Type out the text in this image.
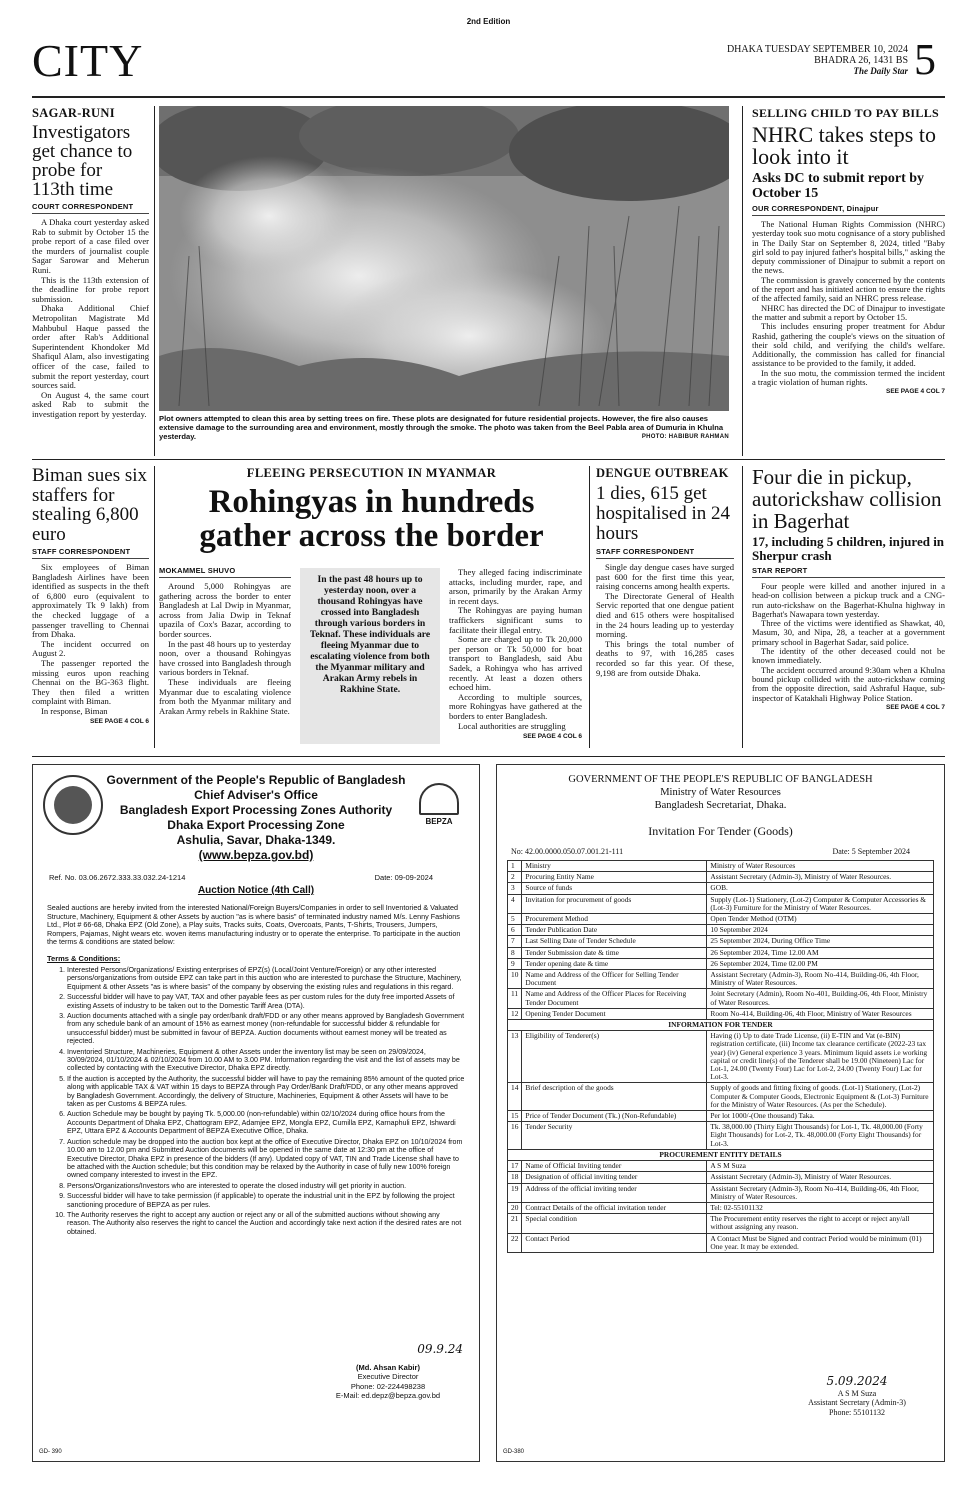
2nd Edition
CITY	DHAKA TUESDAY SEPTEMBER 10, 2024
BHADRA 26, 1431 BS
The Daily Star 5
SAGAR-RUNI
Investigators get chance to probe for 113th time
COURT CORRESPONDENT

A Dhaka court yesterday asked Rab to submit by October 15 the probe report of a case filed over the murders of journalist couple Sagar Sarowar and Meherun Runi.

This is the 113th extension of the deadline for probe report submission.

Dhaka Additional Chief Metropolitan Magistrate Md Mahbubul Haque passed the order after Rab's Additional Superintendent Khondoker Md Shafiqul Alam, also investigating officer of the case, failed to submit the report yesterday, court sources said.

On August 4, the same court asked Rab to submit the investigation report by yesterday.	Plot owners attempted to clean this area by setting trees on fire. These plots are designated for future residential projects. However, the fire also causes extensive damage to the surrounding area and environment, mostly through the smoke. The photo was taken from the Beel Pabla area of Dumuria in Khulna yesterday.	PHOTO: HABIBUR RAHMAN
SELLING CHILD TO PAY BILLS
NHRC takes steps to look into it
Asks DC to submit report by October 15
OUR CORRESPONDENT, Dinajpur

The National Human Rights Commission (NHRC) yesterday took suo motu cognisance of a story published in The Daily Star on September 8, 2024, titled "Baby girl sold to pay injured father's hospital bills," asking the deputy commissioner of Dinajpur to submit a report on the news.

The commission is gravely concerned by the contents of the report and has initiated action to ensure the rights of the affected family, said an NHRC press release.

NHRC has directed the DC of Dinajpur to investigate the matter and submit a report by October 15.

This includes ensuring proper treatment for Abdur Rashid, gathering the couple's views on the situation of their sold child, and verifying the child's welfare. Additionally, the commission has called for financial assistance to be provided to the family, it added.

In the suo motu, the commission termed the incident a tragic violation of human rights.

SEE PAGE 4 COL 7
Biman sues six staffers for stealing 6,800 euro
STAFF CORRESPONDENT

Six employees of Biman Bangladesh Airlines have been identified as suspects in the theft of 6,800 euro (equivalent to approximately Tk 9 lakh) from the checked luggage of a passenger travelling to Chennai from Dhaka.

The incident occurred on August 2.

The passenger reported the missing euros upon reaching Chennai on the BG-363 flight. They then filed a written complaint with Biman.

In response, Biman

SEE PAGE 4 COL 6
FLEEING PERSECUTION IN MYANMAR
Rohingyas in hundreds gather across the border
MOKAMMEL SHUVO

Around 5,000 Rohingyas are gathering across the border to enter Bangladesh at Lal Dwip in Myanmar, across from Jalia Dwip in Teknaf upazila of Cox's Bazar, according to border sources.

In the past 48 hours up to yesterday noon, over a thousand Rohingyas have crossed into Bangladesh through various borders in Teknaf.

These individuals are fleeing Myanmar due to escalating violence from both the Myanmar military and Arakan Army rebels in Rakhine State.

In the past 48 hours up to yesterday noon, over a thousand Rohingyas have crossed into Bangladesh through various borders in Teknaf. These individuals are fleeing Myanmar due to escalating violence from both the Myanmar military and Arakan Army rebels in Rakhine State.

They alleged facing indiscriminate attacks, including murder, rape, and arson, primarily by the Arakan Army in recent days.

The Rohingyas are paying human traffickers significant sums to facilitate their illegal entry.

Some are charged up to Tk 20,000 per person or Tk 50,000 for boat transport to Bangladesh, said Abu Sadek, a Rohingya who has arrived recently. At least a dozen others echoed him.

According to multiple sources, more Rohingyas have gathered at the borders to enter Bangladesh.

Local authorities are struggling

SEE PAGE 4 COL 6
DENGUE OUTBREAK
1 dies, 615 get hospitalised in 24 hours
STAFF CORRESPONDENT

Single day dengue cases have surged past 600 for the first time this year, raising concerns among health experts.

The Directorate General of Health Servic reported that one dengue patient died and 615 others were hospitalised in the 24 hours leading up to yesterday morning.

This brings the total number of deaths to 97, with 16,285 cases recorded so far this year. Of these, 9,198 are from outside Dhaka.

Four die in pickup, autorickshaw collision in Bagerhat
17, including 5 children, injured in Sherpur crash
STAR REPORT

Four people were killed and another injured in a head-on collision between a pickup truck and a CNG-run auto-rickshaw on the Bagerhat-Khulna highway in Bagerhat's Nawapara town yesterday.

Three of the victims were identified as Shawkat, 40, Masum, 30, and Nipa, 28, a teacher at a government primary school in Bagerhat Sadar, said police.

The identity of the other deceased could not be known immediately.

The accident occurred around 9:30am when a Khulna bound pickup collided with the auto-rickshaw coming from the opposite direction, said Ashraful Haque, sub-inspector of Katakhali Highway Police Station.

SEE PAGE 4 COL 7
BEPZA
Government of the People's Republic of Bangladesh
Chief Adviser's Office
Bangladesh Export Processing Zones Authority
Dhaka Export Processing Zone
Ashulia, Savar, Dhaka-1349.
(www.bepza.gov.bd)
Ref. No. 03.06.2672.333.33.032.24-1214	Date: 09-09-2024
Auction Notice (4th Call)
Sealed auctions are hereby invited from the interested National/Foreign Buyers/Companies in order to sell Inventoried & Valuated Structure, Machinery, Equipment & other Assets by auction "as is where basis" of terminated industry named M/s. Lenny Fashions Ltd., Plot # 66-68, Dhaka EPZ (Old Zone), a Play suits, Tracks suits, Coats, Overcoats, Pants, T-Shirts, Trousers, Jumpers, Rompers, Pajamas, Night wears etc. woven items manufacturing industry or to operate the enterprise. To participate in the auction the terms & conditions are stated below:
Terms & Conditions:
1. Interested Persons/Organizations/ Existing enterprises of EPZ(s) (Local/Joint Venture/Foreign) or any other interested persons/organizations from outside EPZ can take part in this auction who are interested to purchase the Structure, Machinery, Equipment & other Assets "as is where basis" of the company by observing the existing rules and regulations in this regard.
2. Successful bidder will have to pay VAT, TAX and other payable fees as per custom rules for the duty free imported Assets of existing Assets of industry to be taken out to the Domestic Tariff Area (DTA).
3. Auction documents attached with a single pay order/bank draft/FDD or any other means approved by Bangladesh Government from any schedule bank of an amount of 15% as earnest money (non-refundable for successful bidder & refundable for unsuccessful bidder) must be submitted in favour of BEPZA. Auction documents without earnest money will be treated as rejected.
4. Inventoried Structure, Machineries, Equipment & other Assets under the inventory list may be seen on 29/09/2024, 30/09/2024, 01/10/2024 & 02/10/2024 from 10.00 AM to 3.00 PM. Information regarding the visit and the list of assets may be collected by contacting with the Executive Director, Dhaka EPZ directly.
5. If the auction is accepted by the Authority, the successful bidder will have to pay the remaining 85% amount of the quoted price along with applicable TAX & VAT within 15 days to BEPZA through Pay Order/Bank Draft/FDD, or any other means approved by Bangladesh Government. Accordingly, the delivery of Structure, Machineries, Equipment & other Assets will have to be taken as per Customs & BEPZA rules.
6. Auction Schedule may be bought by paying Tk. 5,000.00 (non-refundable) within 02/10/2024 during office hours from the Accounts Department of Dhaka EPZ, Chattogram EPZ, Adamjee EPZ, Mongla EPZ, Cumilla EPZ, Karnaphuli EPZ, Ishwardi EPZ, Uttara EPZ & Accounts Department of BEPZA Executive Office, Dhaka.
7. Auction schedule may be dropped into the auction box kept at the office of Executive Director, Dhaka EPZ on 10/10/2024 from 10.00 am to 12.00 pm and Submitted Auction documents will be opened in the same date at 12:30 pm at the office of Executive Director, Dhaka EPZ in presence of the bidders (If any). Updated copy of VAT, TIN and Trade License shall have to be attached with the Auction schedule; but this condition may be relaxed by the Authority in case of fully new 100% foreign owned company interested to invest in the EPZ.
8. Persons/Organizations/Investors who are interested to operate the closed industry will get priority in auction.
9. Successful bidder will have to take permission (if applicable) to operate the industrial unit in the EPZ by following the project sanctioning procedure of BEPZA as per rules.
10. The Authority reserves the right to accept any auction or reject any or all of the submitted auctions without showing any reason. The Authority also reserves the right to cancel the Auction and accordingly take next action if the desired rates are not obtained.
09.9.24
(Md. Ahsan Kabir)
Executive Director
Phone: 02-224498238
E-Mail: ed.depz@bepza.gov.bd
GD- 390
GOVERNMENT OF THE PEOPLE'S REPUBLIC OF BANGLADESH
Ministry of Water Resources
Bangladesh Secretariat, Dhaka.
Invitation For Tender (Goods)
No: 42.00.0000.050.07.001.21-111	Date: 5 September 2024
1	Ministry	Ministry of Water Resources
2	Procuring Entity Name	Assistant Secretary (Admin-3), Ministry of Water Resources.
3	Source of funds	GOB.
4	Invitation for procurement of goods	Supply (Lot-1) Stationery, (Lot-2) Computer & Computer Accessories & (Lot-3) Furniture for the Ministry of Water Resources.
5	Procurement Method	Open Tender Method (OTM)
6	Tender Publication Date	10 September 2024
7	Last Selling Date of Tender Schedule	25 September 2024, During Office Time
8	Tender Submission date & time	26 September 2024, Time 12.00 AM
9	Tender opening date & time	26 September 2024, Time 02.00 PM
10	Name and Address of the Officer for Selling Tender Document	Assistant Secretary (Admin-3), Room No-414, Building-06, 4th Floor, Ministry of Water Resources.
11	Name and Address of the Officer Places for Receiving Tender Document	Joint Secretary (Admin), Room No-401, Building-06, 4th Floor, Ministry of Water Resources.
12	Opening Tender Document	Room No-414, Building-06, 4th Floor, Ministry of Water Resources
INFORMATION FOR TENDER		
13	Eligibility of Tenderer(s)	Having (i) Up to date Trade License, (ii) E-TIN and Vat (e-BIN) registration certificate, (iii) Income tax clearance certificate (2022-23 tax year) (iv) General experience 3 years. Minimum liquid assets i.e working capital or credit line(s) of the Tenderer shall be 19.00 (Nineteen) Lac for Lot-1, 24.00 (Twenty Four) Lac for Lot-2, 24.00 (Twenty Four) Lac for Lot-3.
14	Brief description of the goods	Supply of goods and fitting fixing of goods. (Lot-1) Stationery, (Lot-2) Computer & Computer Goods, Electronic Equipment & (Lot-3) Furniture for the Ministry of Water Resources. (As per the Schedule).
15	Price of Tender Document (Tk.) (Non-Refundable)	Per lot 1000/-(One thousand) Taka.
16	Tender Security	Tk. 38,000.00 (Thirty Eight Thousands) for Lot-1, Tk. 48,000.00 (Forty Eight Thousands) for Lot-2, Tk. 48,000.00 (Forty Eight Thousands) for Lot-3.
PROCUREMENT ENTITY DETAILS		
17	Name of Official Inviting tender	A S M Suza
18	Designation of official inviting tender	Assistant Secretary (Admin-3), Ministry of Water Resources.
19	Address of the official inviting tender	Assistant Secretary (Admin-3), Room No-414, Building-06, 4th Floor, Ministry of Water Resources.
20	Contract Details of the official invitation tender	Tel: 02-55101132
21	Special condition	The Procurement entity reserves the right to accept or reject any/all without assigning any reason.
22	Contact Period	A Contact Must be Signed and contract Period would be minimum (01) One year. It may be extended.
5.09.2024
A S M Suza
Assistant Secretary (Admin-3)
Phone: 55101132
GD-380
